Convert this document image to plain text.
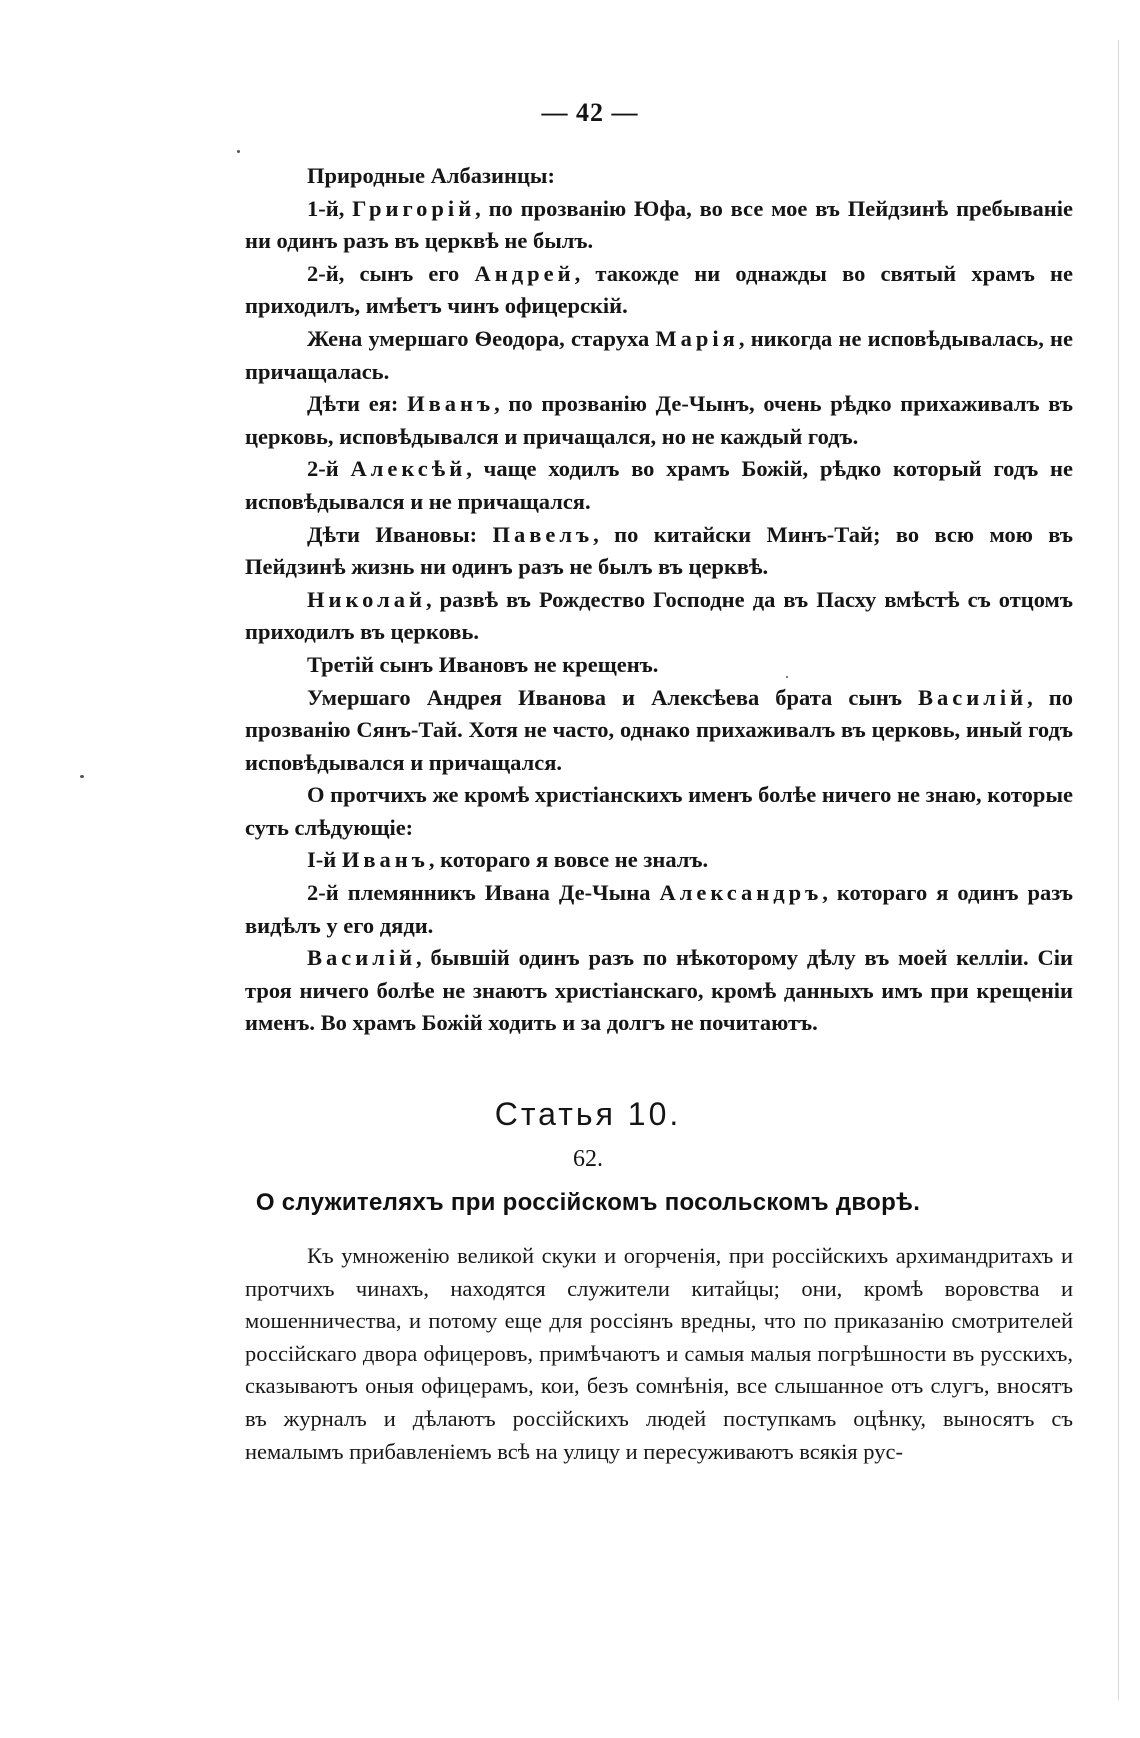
— 42 —

Природные Албазинцы:

1-й, Григорій, по прозванію Юфа, во все мое въ Пейдзинѣ пребываніе ни одинъ разъ въ церквѣ не былъ.

2-й, сынъ его Андрей, такожде ни однажды во святый храмъ не приходилъ, имѣетъ чинъ офицерскій.

Жена умершаго Ѳеодора, старуха Марія, никогда не исповѣдывалась, не причащалась.

Дѣти ея: Иванъ, по прозванію Де-Чынъ, очень рѣдко прихаживалъ въ церковь, исповѣдывался и причащался, но не каждый годъ.

2-й Алексѣй, чаще ходилъ во храмъ Божій, рѣдко который годъ не исповѣдывался и не причащался.

Дѣти Ивановы: Павелъ, по китайски Минъ-Тай; во всю мою въ Пейдзинѣ жизнь ни одинъ разъ не былъ въ церквѣ.

Николай, развѣ въ Рождество Господне да въ Пасху вмѣстѣ съ отцомъ приходилъ въ церковь.

Третій сынъ Ивановъ не крещенъ.

Умершаго Андрея Иванова и Алексѣева брата сынъ Василій, по прозванію Сянъ-Тай. Хотя не часто, однако прихаживалъ въ церковь, иный годъ исповѣдывался и причащался.

О протчихъ же кромѣ христіанскихъ именъ болѣе ничего не знаю, которые суть слѣдующіе:

I-й Иванъ, котораго я вовсе не зналъ.

2-й племянникъ Ивана Де-Чына Александръ, котораго я одинъ разъ видѣлъ у его дяди.

Василій, бывшій одинъ разъ по нѣкоторому дѣлу въ моей келліи. Сіи троя ничего болѣе не знаютъ христіанскаго, кромѣ данныхъ имъ при крещеніи именъ. Во храмъ Божій ходить и за долгъ не почитаютъ.

Статья 10.
62.
О служителяхъ при россійскомъ посольскомъ дворѣ.

Къ умноженію великой скуки и огорченія, при россійскихъ архимандритахъ и протчихъ чинахъ, находятся служители китайцы; они, кромѣ воровства и мошенничества, и потому еще для россіянъ вредны, что по приказанію смотрителей россійскаго двора офицеровъ, примѣчаютъ и самыя малыя погрѣшности въ русскихъ, сказываютъ оныя офицерамъ, кои, безъ сомнѣнія, все слышанное отъ слугъ, вносятъ въ журналъ и дѣлаютъ россійскихъ людей поступкамъ оцѣнку, выносятъ съ немалымъ прибавленіемъ всѣ на улицу и пересуживаютъ всякія рус-
